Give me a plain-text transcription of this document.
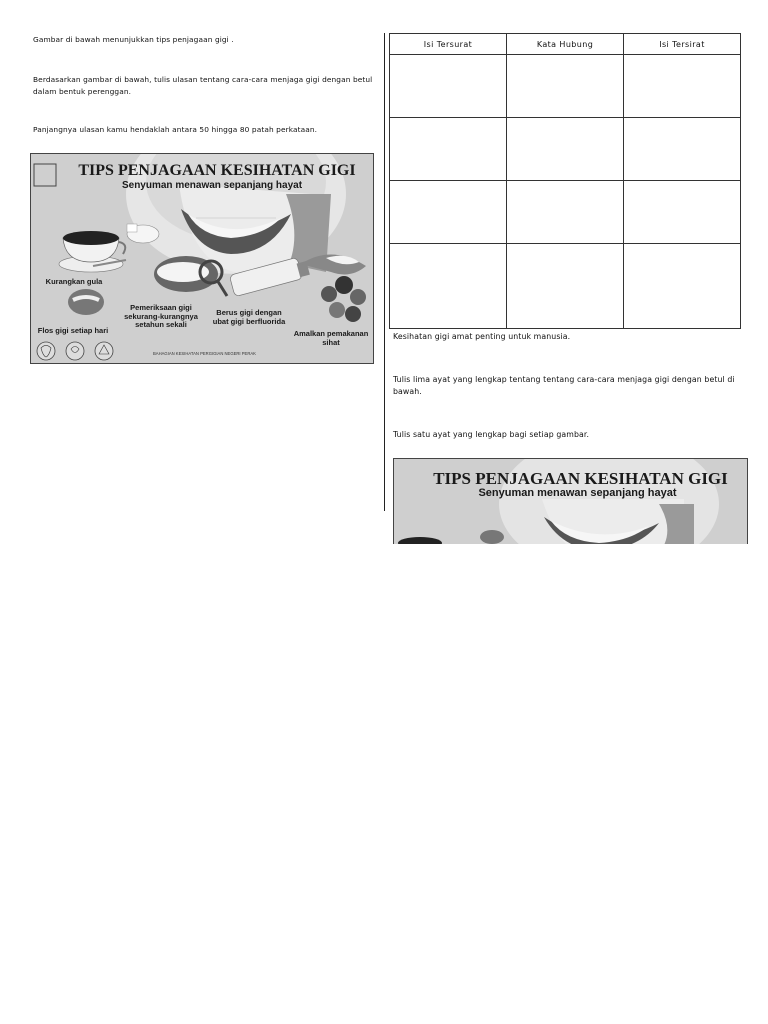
Gambar di bawah menunjukkan tips penjagaan gigi .
Berdasarkan gambar di bawah, tulis ulasan tentang cara-cara menjaga gigi dengan betul dalam bentuk perenggan.
Panjangnya ulasan kamu hendaklah antara 50 hingga 80 patah perkataan.
TIPS PENJAGAAN KESIHATAN GIGI
Senyuman menawan sepanjang hayat
Kurangkan gula
Flos gigi setiap hari
Pemeriksaan gigi sekurang-kurangnya setahun sekali
Berus gigi dengan ubat gigi berfluorida
Amalkan pemakanan sihat
BAHAGIAN KESIHATAN PERGIGIAN NEGERI PERAK
Isi Tersurat	Kata Hubung	Isi Tersirat

Kesihatan gigi amat penting untuk manusia.
Tulis lima ayat yang lengkap tentang tentang cara-cara menjaga gigi dengan betul di bawah.
Tulis satu ayat yang lengkap bagi setiap gambar.
TIPS PENJAGAAN KESIHATAN GIGI
Senyuman menawan sepanjang hayat
